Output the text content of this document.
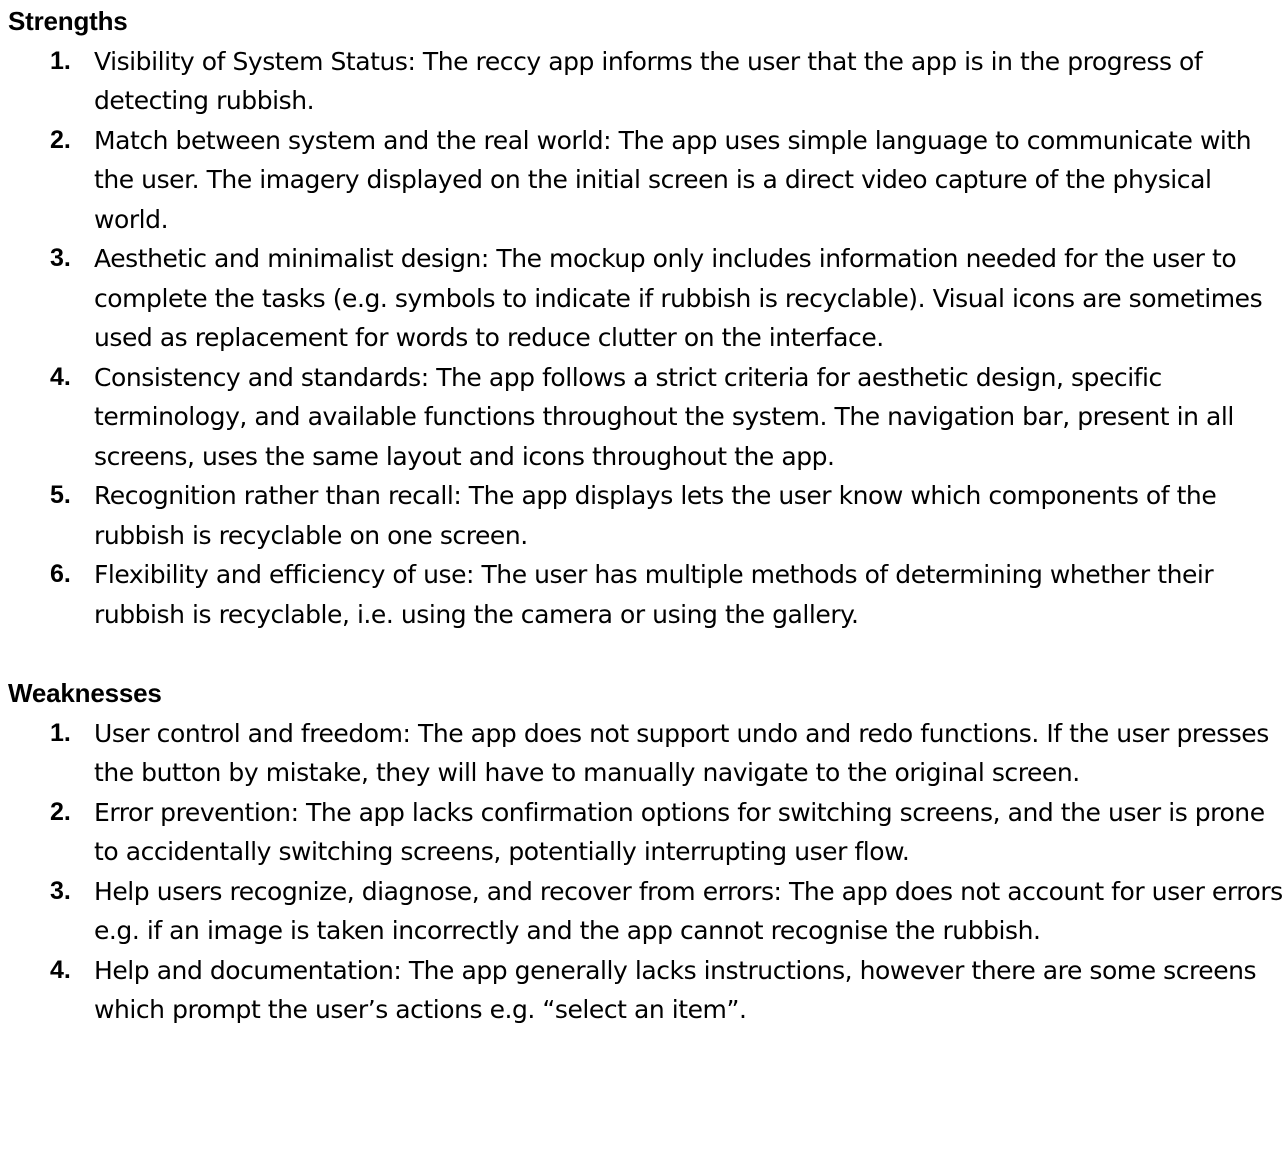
Strengths
1. Visibility of System Status: The reccy app informs the user that the app is in the progress of detecting rubbish.
2. Match between system and the real world: The app uses simple language to communicate with the user. The imagery displayed on the initial screen is a direct video capture of the physical world.
3. Aesthetic and minimalist design: The mockup only includes information needed for the user to complete the tasks (e.g. symbols to indicate if rubbish is recyclable). Visual icons are sometimes used as replacement for words to reduce clutter on the interface.
4. Consistency and standards: The app follows a strict criteria for aesthetic design, specific terminology, and available functions throughout the system. The navigation bar, present in all screens, uses the same layout and icons throughout the app.
5. Recognition rather than recall: The app displays lets the user know which components of the rubbish is recyclable on one screen.
6. Flexibility and efficiency of use: The user has multiple methods of determining whether their rubbish is recyclable, i.e. using the camera or using the gallery.
Weaknesses
1. User control and freedom: The app does not support undo and redo functions. If the user presses the button by mistake, they will have to manually navigate to the original screen.
2. Error prevention: The app lacks confirmation options for switching screens, and the user is prone to accidentally switching screens, potentially interrupting user flow.
3. Help users recognize, diagnose, and recover from errors: The app does not account for user errors e.g. if an image is taken incorrectly and the app cannot recognise the rubbish.
4. Help and documentation: The app generally lacks instructions, however there are some screens which prompt the user’s actions e.g. “select an item”.
